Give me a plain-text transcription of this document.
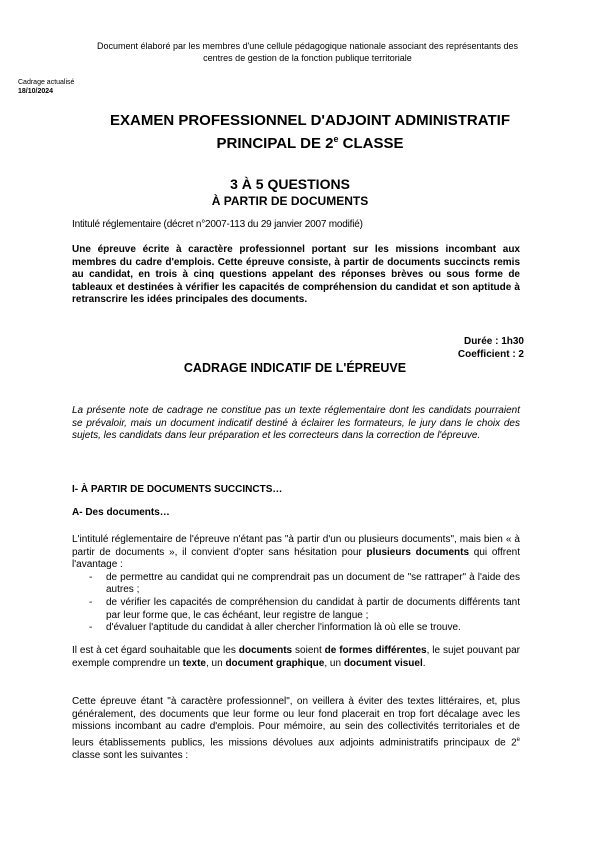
Document élaboré par les membres d'une cellule pédagogique nationale associant des représentants des
centres de gestion de la fonction publique territoriale
Cadrage actualisé
18/10/2024
EXAMEN PROFESSIONNEL D'ADJOINT ADMINISTRATIF
PRINCIPAL DE 2e CLASSE
3 À 5 QUESTIONS
À PARTIR DE DOCUMENTS
Intitulé réglementaire (décret n°2007-113 du 29 janvier 2007 modifié)
Une épreuve écrite à caractère professionnel portant sur les missions incombant aux membres du cadre d'emplois. Cette épreuve consiste, à partir de documents succincts remis au candidat, en trois à cinq questions appelant des réponses brèves ou sous forme de tableaux et destinées à vérifier les capacités de compréhension du candidat et son aptitude à retranscrire les idées principales des documents.
Durée : 1h30
Coefficient : 2
CADRAGE INDICATIF DE L'ÉPREUVE
La présente note de cadrage ne constitue pas un texte réglementaire dont les candidats pourraient se prévaloir, mais un document indicatif destiné à éclairer les formateurs, le jury dans le choix des sujets, les candidats dans leur préparation et les correcteurs dans la correction de l'épreuve.
I- À PARTIR DE DOCUMENTS SUCCINCTS…
A- Des documents…
L'intitulé réglementaire de l'épreuve n'étant pas "à partir d'un ou plusieurs documents", mais bien « à partir de documents », il convient d'opter sans hésitation pour plusieurs documents qui offrent l'avantage :
- de permettre au candidat qui ne comprendrait pas un document de "se rattraper" à l'aide des autres ;
- de vérifier les capacités de compréhension du candidat à partir de documents différents tant par leur forme que, le cas échéant, leur registre de langue ;
- d'évaluer l'aptitude du candidat à aller chercher l'information là où elle se trouve.
Il est à cet égard souhaitable que les documents soient de formes différentes, le sujet pouvant par exemple comprendre un texte, un document graphique, un document visuel.
Cette épreuve étant "à caractère professionnel", on veillera à éviter des textes littéraires, et, plus généralement, des documents que leur forme ou leur fond placerait en trop fort décalage avec les missions incombant au cadre d'emplois. Pour mémoire, au sein des collectivités territoriales et de leurs établissements publics, les missions dévolues aux adjoints administratifs principaux de 2e classe sont les suivantes :
